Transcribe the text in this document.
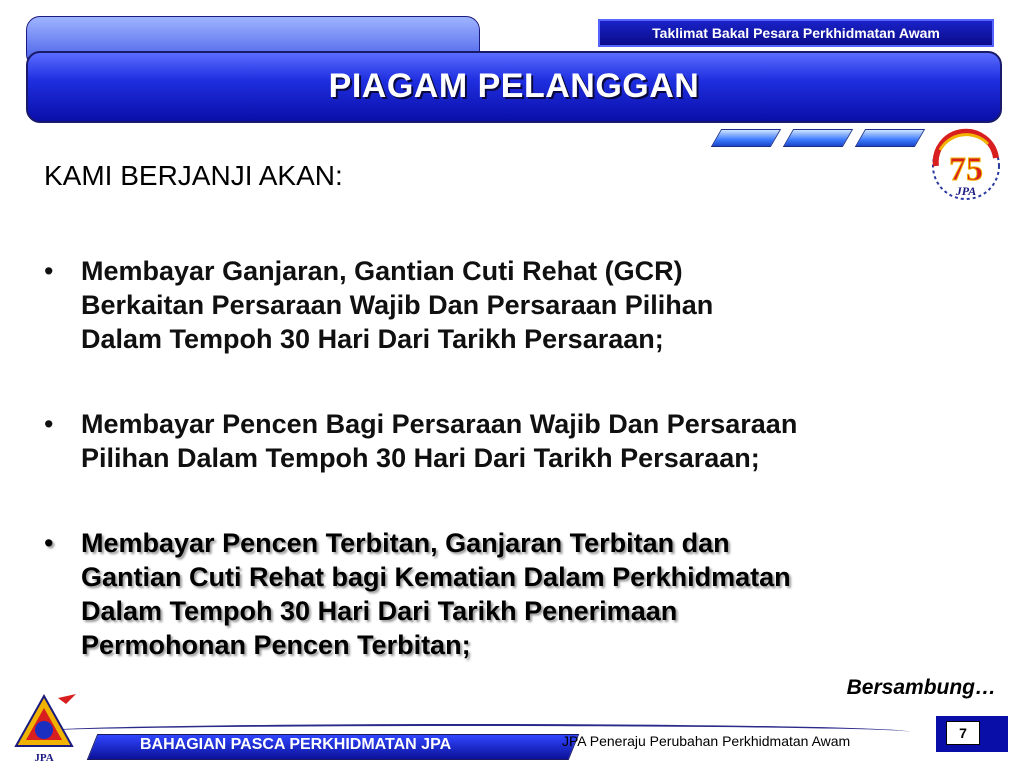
Taklimat Bakal Pesara Perkhidmatan Awam
PIAGAM PELANGGAN
75
JPA
KAMI BERJANJI AKAN:
• Membayar Ganjaran, Gantian Cuti Rehat (GCR)
Berkaitan Persaraan Wajib Dan Persaraan Pilihan
Dalam Tempoh 30 Hari Dari Tarikh Persaraan;
• Membayar Pencen Bagi Persaraan Wajib Dan Persaraan
Pilihan Dalam Tempoh 30 Hari Dari Tarikh Persaraan;
• Membayar Pencen Terbitan, Ganjaran Terbitan dan
Gantian Cuti Rehat bagi Kematian Dalam Perkhidmatan
Dalam Tempoh 30 Hari Dari Tarikh Penerimaan
Permohonan Pencen Terbitan;
Bersambung…
BAHAGIAN PASCA PERKHIDMATAN JPA	JPA Peneraju Perubahan Perkhidmatan Awam	7
JPA
